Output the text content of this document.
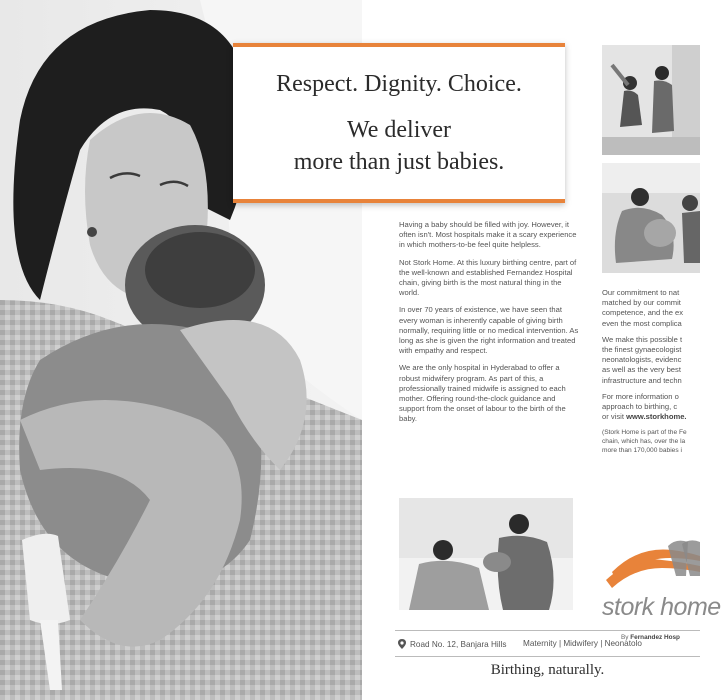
Respect. Dignity. Choice.
We deliver
more than just babies.

Having a baby should be filled with joy. However, it often isn't. Most hospitals make it a scary experience in which mothers-to-be feel quite helpless.

Not Stork Home. At this luxury birthing centre, part of the well-known and established Fernandez Hospital chain, giving birth is the most natural thing in the world.

In over 70 years of existence, we have seen that every woman is inherently capable of giving birth normally, requiring little or no medical intervention. As long as she is given the right information and treated with empathy and respect.

We are the only hospital in Hyderabad to offer a robust midwifery program. As part of this, a professionally trained midwife is assigned to each mother. Offering round-the-clock guidance and support from the onset of labour to the birth of the baby.

Our commitment to nat
matched by our commit
competence, and the ex
even the most complica

We make this possible t
the finest gynaecologist
neonatologists, evidenc
as well as the very best
infrastructure and techn

For more information o
approach to birthing, c
or visit www.storkhome.

(Stork Home is part of the Fe
chain, which has, over the la
more than 170,000 babies i

stork home
By Fernandez Hosp
Road No. 12, Banjara Hills Maternity | Midwifery | Neonatolo
Birthing, naturally.
